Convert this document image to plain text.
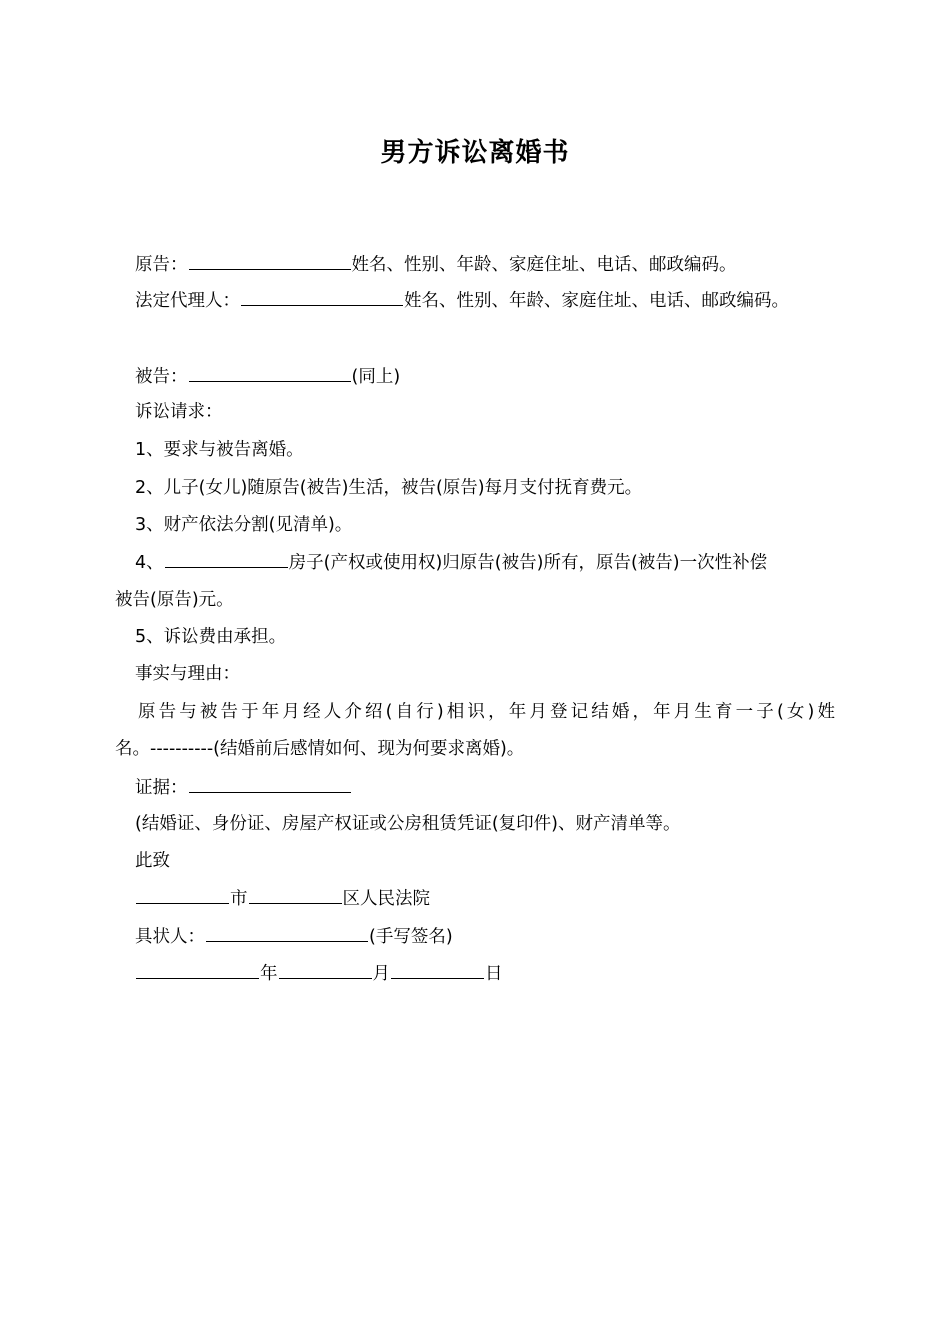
男方诉讼离婚书
原告：	姓名、性别、年龄、家庭住址、电话、邮政编码。
法定代理人：	姓名、性别、年龄、家庭住址、电话、邮政编码。
被告：	(同上)
诉讼请求：
1、要求与被告离婚。
2、儿子(女儿)随原告(被告)生活，被告(原告)每月支付抚育费元。
3、财产依法分割(见清单)。
4、	房子(产权或使用权)归原告(被告)所有，原告(被告)一次性补偿
被告(原告)元。
5、诉讼费由承担。
事实与理由：
原告与被告于年月经人介绍(自行)相识，年月登记结婚，年月生育一子(女)姓
名。----------(结婚前后感情如何、现为何要求离婚)。
证据：
(结婚证、身份证、房屋产权证或公房租赁凭证(复印件)、财产清单等。
此致
市	区人民法院
具状人：	(手写签名)
年	月	日
